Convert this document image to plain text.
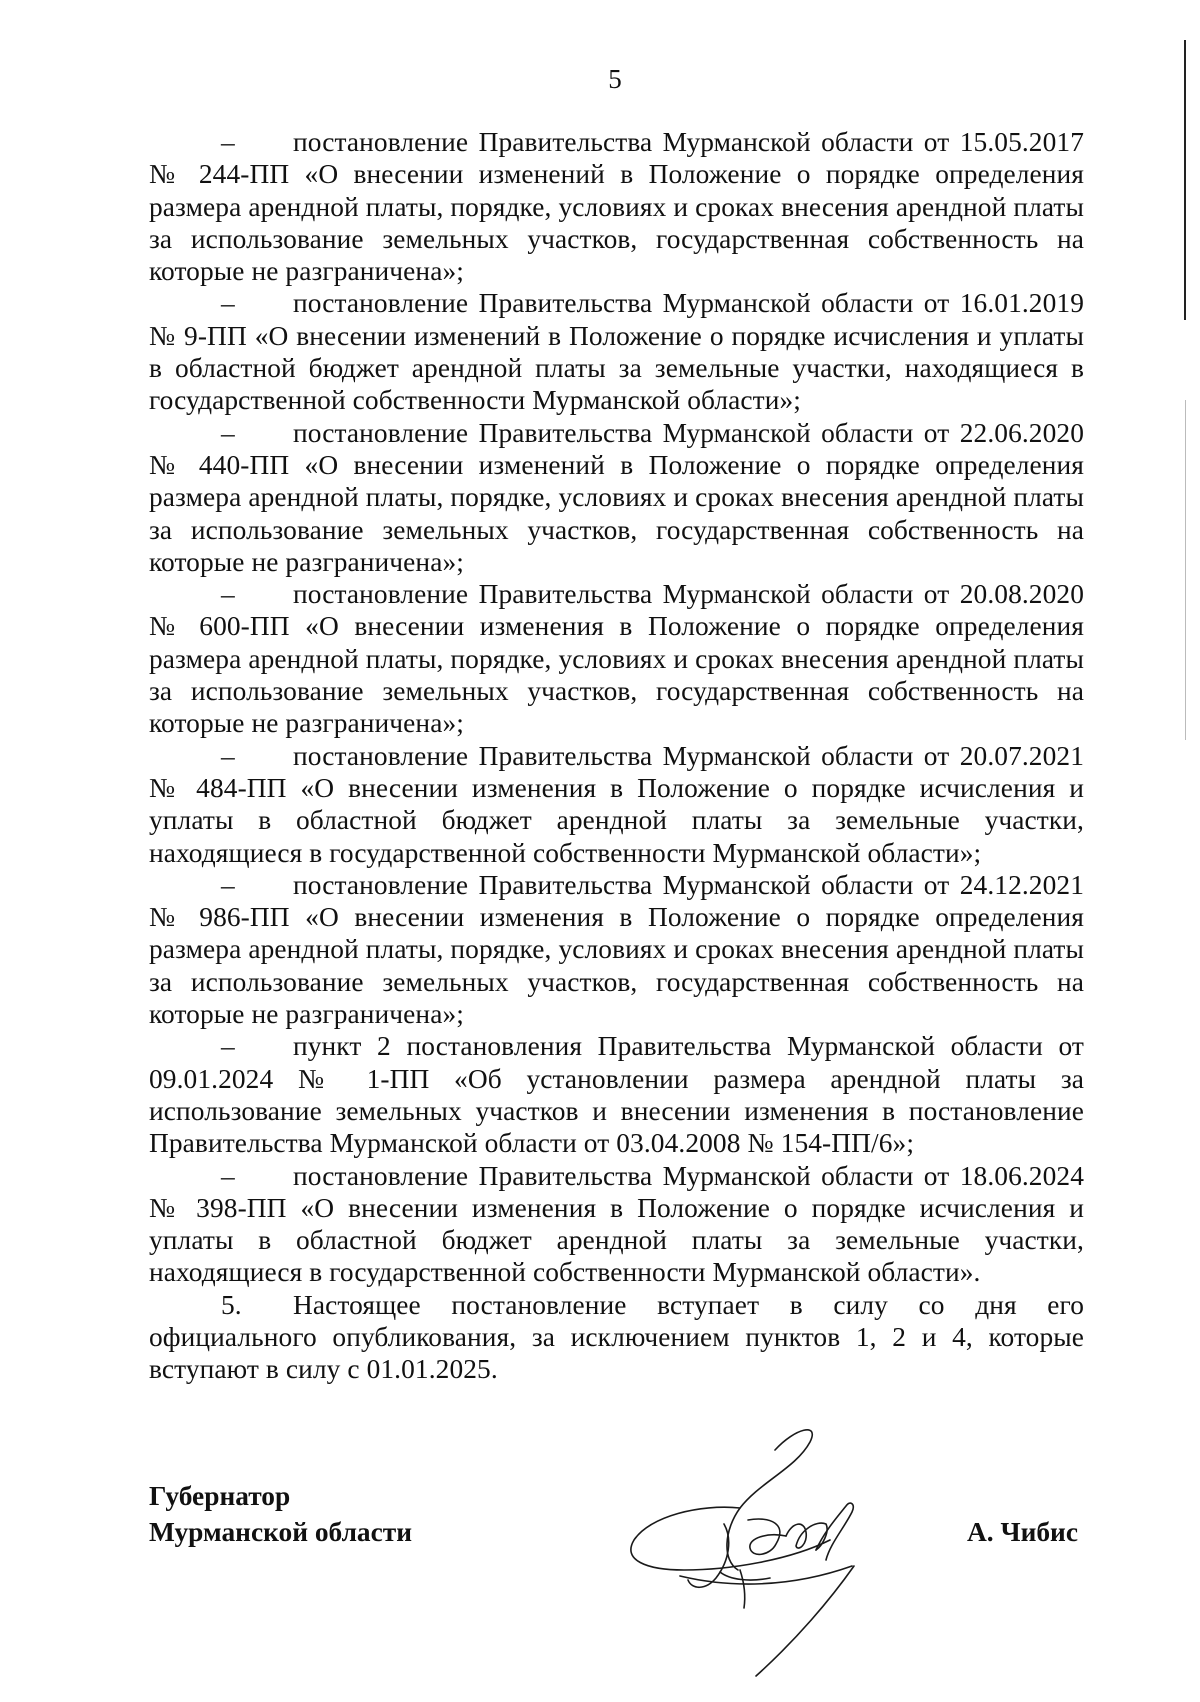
5

– постановление Правительства Мурманской области от 15.05.2017 № 244-ПП «О внесении изменений в Положение о порядке определения размера арендной платы, порядке, условиях и сроках внесения арендной платы за использование земельных участков, государственная собственность на которые не разграничена»;

– постановление Правительства Мурманской области от 16.01.2019 № 9-ПП «О внесении изменений в Положение о порядке исчисления и уплаты в областной бюджет арендной платы за земельные участки, находящиеся в государственной собственности Мурманской области»;

– постановление Правительства Мурманской области от 22.06.2020 № 440-ПП «О внесении изменений в Положение о порядке определения размера арендной платы, порядке, условиях и сроках внесения арендной платы за использование земельных участков, государственная собственность на которые не разграничена»;

– постановление Правительства Мурманской области от 20.08.2020 № 600-ПП «О внесении изменения в Положение о порядке определения размера арендной платы, порядке, условиях и сроках внесения арендной платы за использование земельных участков, государственная собственность на которые не разграничена»;

– постановление Правительства Мурманской области от 20.07.2021 № 484-ПП «О внесении изменения в Положение о порядке исчисления и уплаты в областной бюджет арендной платы за земельные участки, находящиеся в государственной собственности Мурманской области»;

– постановление Правительства Мурманской области от 24.12.2021 № 986-ПП «О внесении изменения в Положение о порядке определения размера арендной платы, порядке, условиях и сроках внесения арендной платы за использование земельных участков, государственная собственность на которые не разграничена»;

– пункт 2 постановления Правительства Мурманской области от 09.01.2024 № 1-ПП «Об установлении размера арендной платы за использование земельных участков и внесении изменения в постановление Правительства Мурманской области от 03.04.2008 № 154-ПП/6»;

– постановление Правительства Мурманской области от 18.06.2024 № 398-ПП «О внесении изменения в Положение о порядке исчисления и уплаты в областной бюджет арендной платы за земельные участки, находящиеся в государственной собственности Мурманской области».

5. Настоящее постановление вступает в силу со дня его официального опубликования, за исключением пунктов 1, 2 и 4, которые вступают в силу с 01.01.2025.

Губернатор
Мурманской области	А. Чибис
